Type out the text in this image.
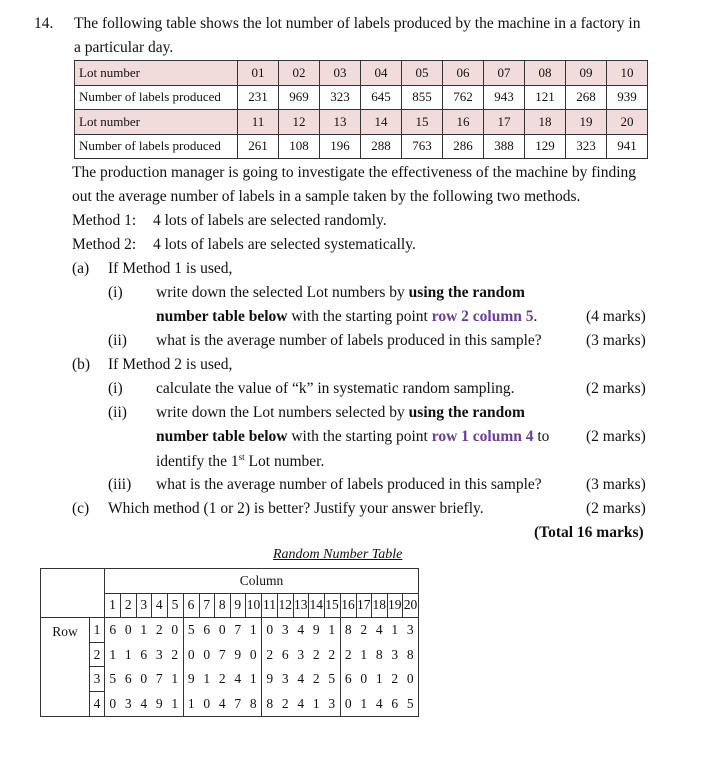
14. The following table shows the lot number of labels produced by the machine in a factory in
a particular day.
Lot number	01	02	03	04	05	06	07	08	09	10
Number of labels produced	231	969	323	645	855	762	943	121	268	939
Lot number	11	12	13	14	15	16	17	18	19	20
Number of labels produced	261	108	196	288	763	286	388	129	323	941
The production manager is going to investigate the effectiveness of the machine by finding
out the average number of labels in a sample taken by the following two methods.
Method 1: 4 lots of labels are selected randomly.
Method 2: 4 lots of labels are selected systematically.
(a) If Method 1 is used,
(i) write down the selected Lot numbers by using the random
number table below with the starting point row 2 column 5.	(4 marks)
(ii) what is the average number of labels produced in this sample?	(3 marks)
(b) If Method 2 is used,
(i) calculate the value of “k” in systematic random sampling.	(2 marks)
(ii) write down the Lot numbers selected by using the random
number table below with the starting point row 1 column 4 to (2 marks)
identify the 1st Lot number.
(iii) what is the average number of labels produced in this sample?	(3 marks)
(c) Which method (1 or 2) is better? Justify your answer briefly.	(2 marks)
(Total 16 marks)
Random Number Table
		Column																			
		1	2	3	4	5	6	7	8	9	10	11	12	13	14	15	16	17	18	19	20
Row	1	6	0	1	2	0	5	6	0	7	1	0	3	4	9	1	8	2	4	1	3
	2	1	1	6	3	2	0	0	7	9	0	2	6	3	2	2	2	1	8	3	8
	3	5	6	0	7	1	9	1	2	4	1	9	3	4	2	5	6	0	1	2	0
	4	0	3	4	9	1	1	0	4	7	8	8	2	4	1	3	0	1	4	6	5
